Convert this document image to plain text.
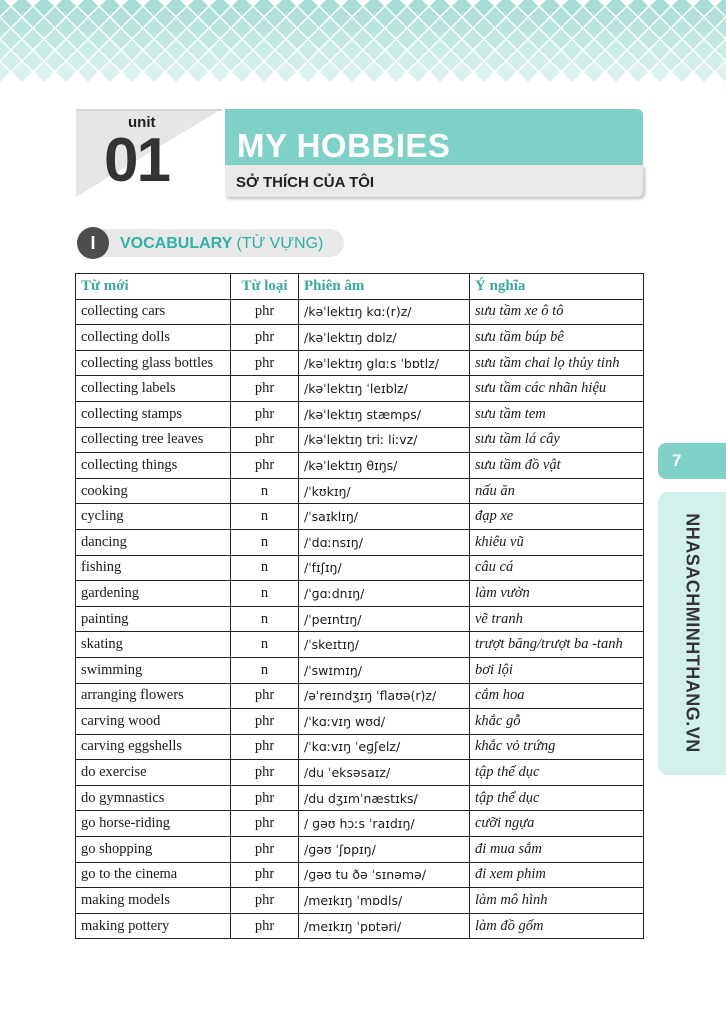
unit
01 MY HOBBIES
SỞ THÍCH CỦA TÔI
I	VOCABULARY (TỪ VỰNG)
Từ mới	Từ loại	Phiên âm	Ý nghĩa
collecting cars	phr	/kəˈlektɪŋ kɑː(r)z/	sưu tầm xe ô tô
collecting dolls	phr	/kəˈlektɪŋ dɒlz/	sưu tầm búp bê
collecting glass bottles	phr	/kəˈlektɪŋ glɑːs ˈbɒtlz/	sưu tầm chai lọ thủy tinh
collecting labels	phr	/kəˈlektɪŋ ˈleɪblz/	sưu tầm các nhãn hiệu
collecting stamps	phr	/kəˈlektɪŋ stæmps/	sưu tầm tem
collecting tree leaves	phr	/kəˈlektɪŋ triː liːvz/	sưu tầm lá cây
collecting things	phr	/kəˈlektɪŋ θɪŋs/	sưu tầm đồ vật
cooking	n	/ˈkʊkɪŋ/	nấu ăn
cycling	n	/ˈsaɪklɪŋ/	đạp xe
dancing	n	/ˈdɑːnsɪŋ/	khiêu vũ
fishing	n	/ˈfɪʃɪŋ/	câu cá
gardening	n	/ˈɡɑːdnɪŋ/	làm vườn
painting	n	/ˈpeɪntɪŋ/	vẽ tranh
skating	n	/ˈskeɪtɪŋ/	trượt băng/trượt ba -tanh
swimming	n	/ˈswɪmɪŋ/	bơi lội
arranging flowers	phr	/əˈreɪndʒɪŋ ˈflaʊə(r)z/	cắm hoa
carving wood	phr	/ˈkɑːvɪŋ wʊd/	khắc gỗ
carving eggshells	phr	/ˈkɑːvɪŋ ˈeɡʃelz/	khắc vỏ trứng
do exercise	phr	/du ˈeksəsaɪz/	tập thể dục
do gymnastics	phr	/du dʒɪmˈnæstɪks/	tập thể dục
go horse-riding	phr	/ ɡəʊ hɔːs ˈraɪdɪŋ/	cưỡi ngựa
go shopping	phr	/ɡəʊ ˈʃɒpɪŋ/	đi mua sắm
go to the cinema	phr	/ɡəʊ tu ðə ˈsɪnəmə/	đi xem phim
making models	phr	/meɪkɪŋ ˈmɒdls/	làm mô hình
making pottery	phr	/meɪkɪŋ ˈpɒtəri/	làm đồ gốm
7
NHASACHMINHTHANG.VN
